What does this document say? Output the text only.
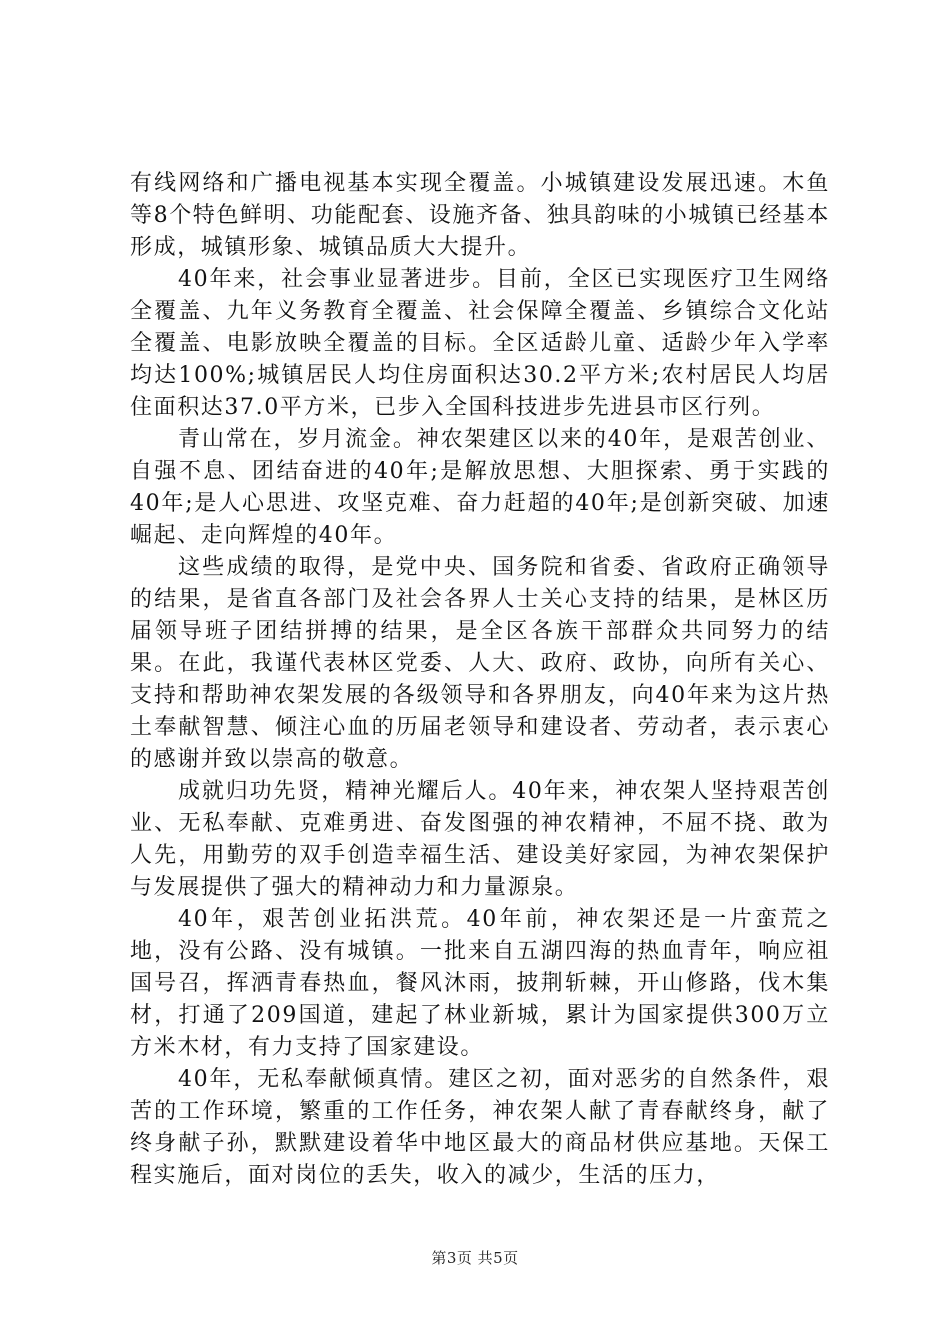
有线网络和广播电视基本实现全覆盖。小城镇建设发展迅速。木鱼等8个特色鲜明、功能配套、设施齐备、独具韵味的小城镇已经基本形成，城镇形象、城镇品质大大提升。

40年来，社会事业显著进步。目前，全区已实现医疗卫生网络全覆盖、九年义务教育全覆盖、社会保障全覆盖、乡镇综合文化站全覆盖、电影放映全覆盖的目标。全区适龄儿童、适龄少年入学率均达100%;城镇居民人均住房面积达30.2平方米;农村居民人均居住面积达37.0平方米，已步入全国科技进步先进县市区行列。

青山常在，岁月流金。神农架建区以来的40年，是艰苦创业、自强不息、团结奋进的40年;是解放思想、大胆探索、勇于实践的40年;是人心思进、攻坚克难、奋力赶超的40年;是创新突破、加速崛起、走向辉煌的40年。

这些成绩的取得，是党中央、国务院和省委、省政府正确领导的结果，是省直各部门及社会各界人士关心支持的结果，是林区历届领导班子团结拼搏的结果，是全区各族干部群众共同努力的结果。在此，我谨代表林区党委、人大、政府、政协，向所有关心、支持和帮助神农架发展的各级领导和各界朋友，向40年来为这片热土奉献智慧、倾注心血的历届老领导和建设者、劳动者，表示衷心的感谢并致以崇高的敬意。

成就归功先贤，精神光耀后人。40年来，神农架人坚持艰苦创业、无私奉献、克难勇进、奋发图强的神农精神，不屈不挠、敢为人先，用勤劳的双手创造幸福生活、建设美好家园，为神农架保护与发展提供了强大的精神动力和力量源泉。

40年，艰苦创业拓洪荒。40年前，神农架还是一片蛮荒之地，没有公路、没有城镇。一批来自五湖四海的热血青年，响应祖国号召，挥洒青春热血，餐风沐雨，披荆斩棘，开山修路，伐木集材，打通了209国道，建起了林业新城，累计为国家提供300万立方米木材，有力支持了国家建设。

40年，无私奉献倾真情。建区之初，面对恶劣的自然条件，艰苦的工作环境，繁重的工作任务，神农架人献了青春献终身，献了终身献子孙，默默建设着华中地区最大的商品材供应基地。天保工程实施后，面对岗位的丢失，收入的减少，生活的压力，

第3页 共5页
